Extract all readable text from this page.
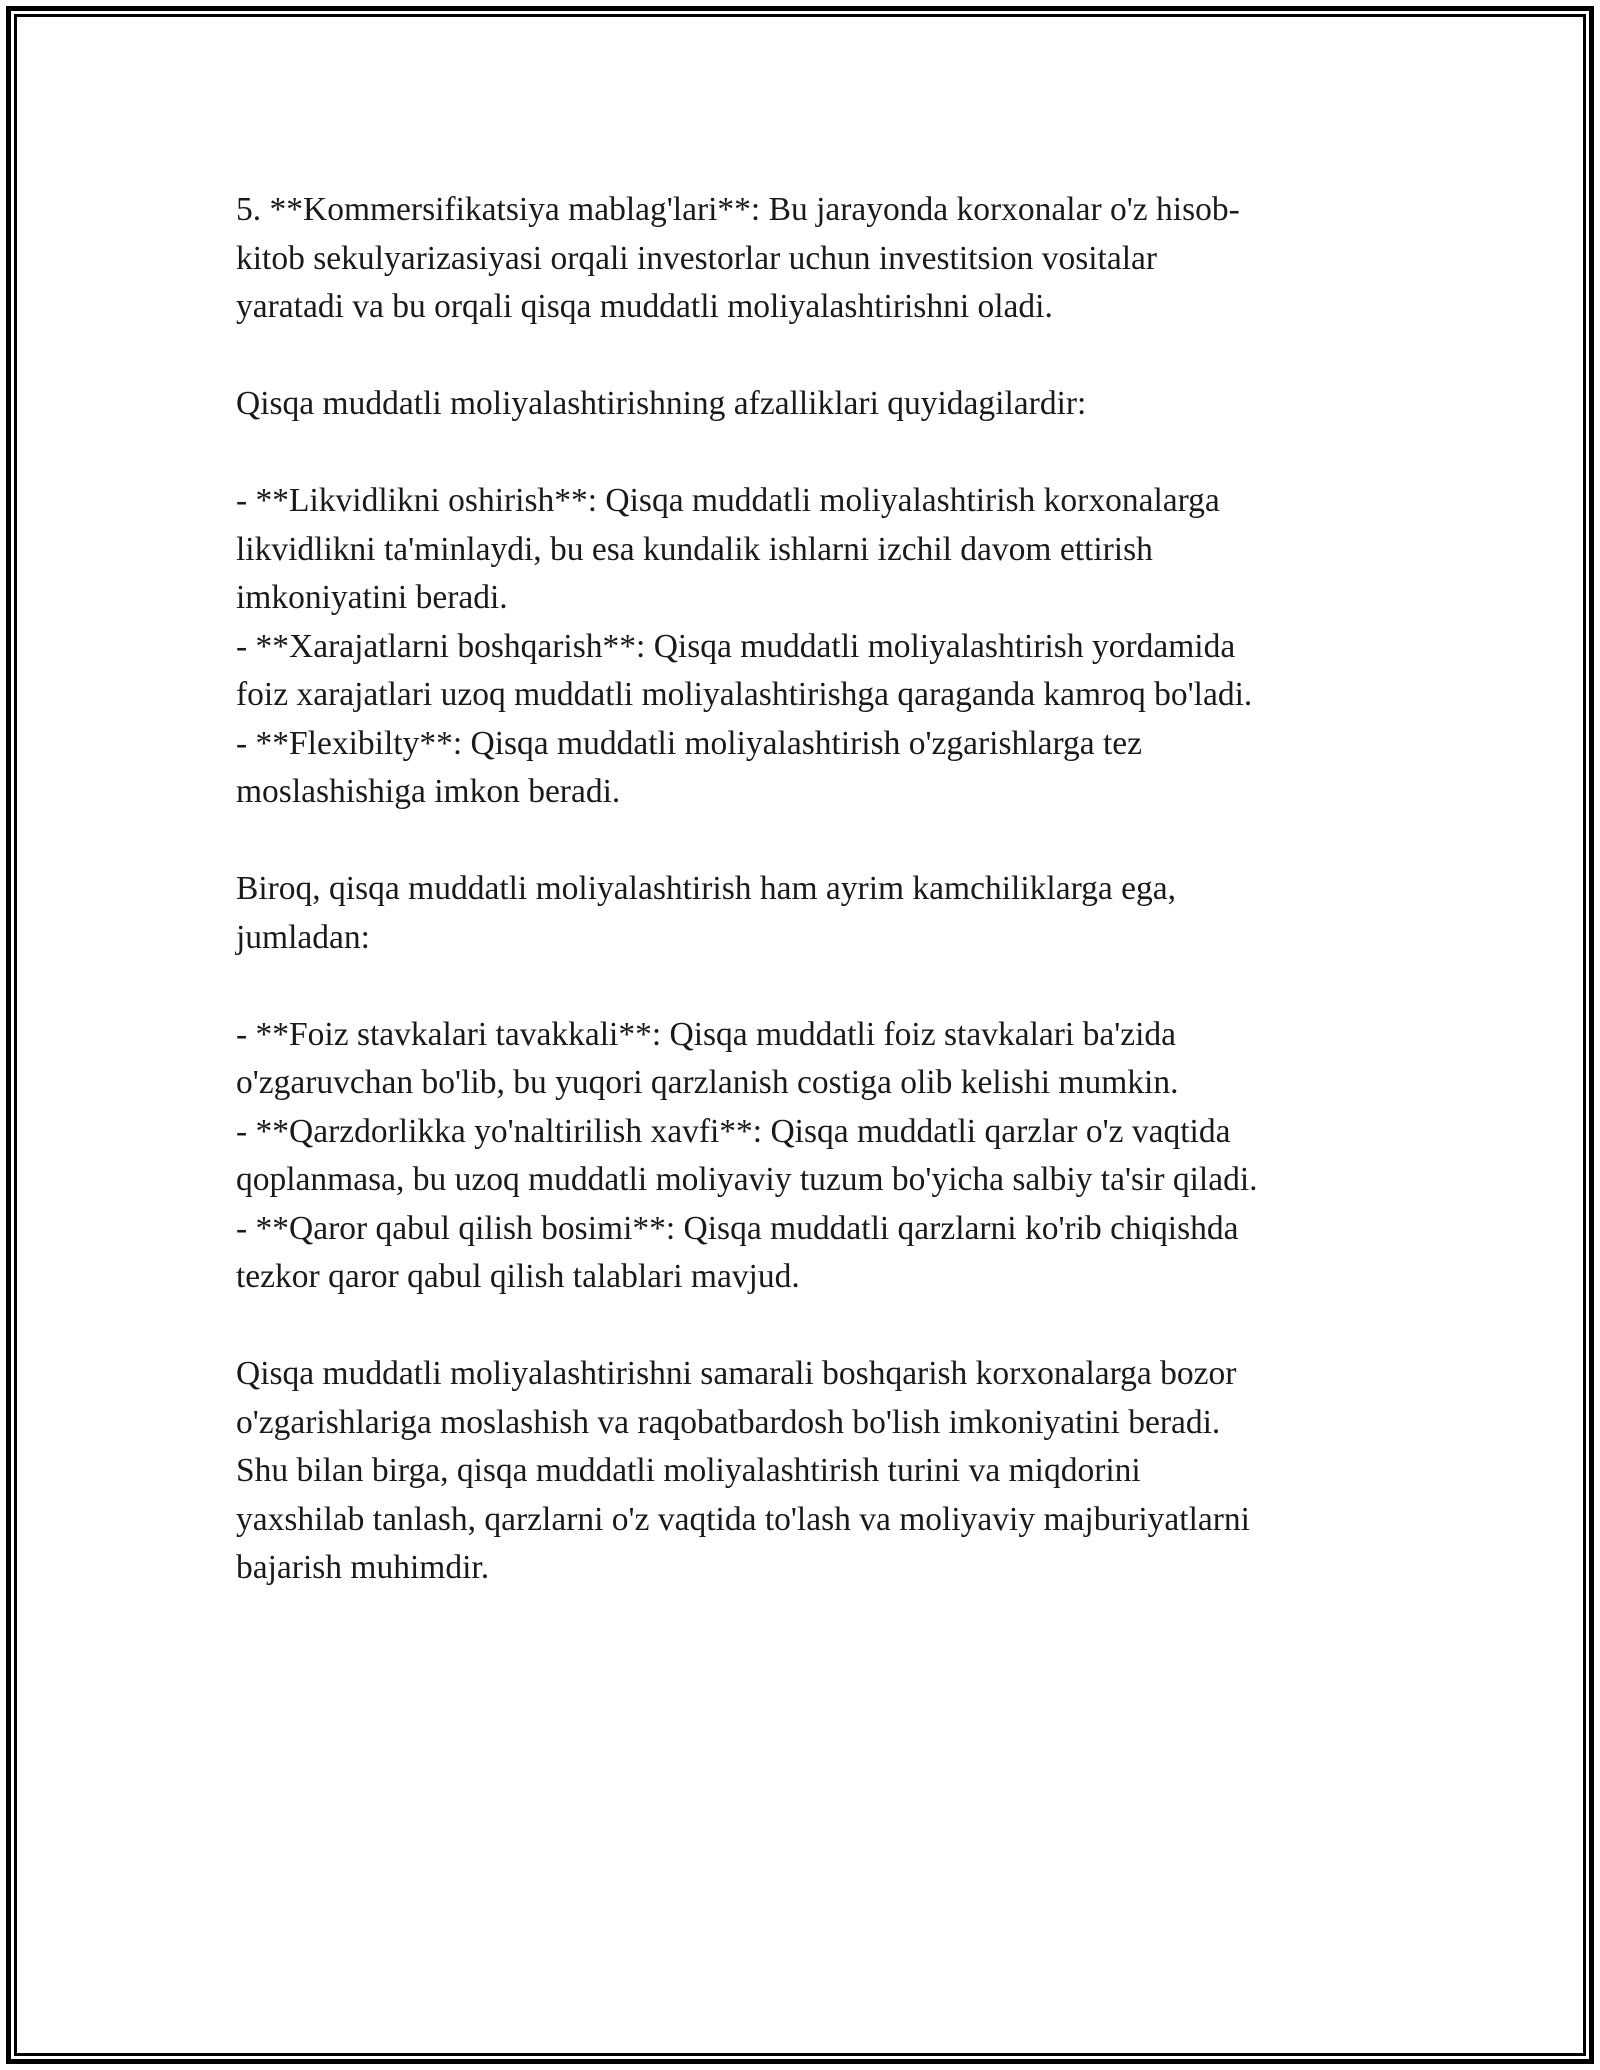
5. **Kommersifikatsiya mablag'lari**: Bu jarayonda korxonalar o'z hisob-
kitob sekulyarizasiyasi orqali investorlar uchun investitsion vositalar
yaratadi va bu orqali qisqa muddatli moliyalashtirishni oladi.
Qisqa muddatli moliyalashtirishning afzalliklari quyidagilardir:
- **Likvidlikni oshirish**: Qisqa muddatli moliyalashtirish korxonalarga
likvidlikni ta'minlaydi, bu esa kundalik ishlarni izchil davom ettirish
imkoniyatini beradi.
- **Xarajatlarni boshqarish**: Qisqa muddatli moliyalashtirish yordamida
foiz xarajatlari uzoq muddatli moliyalashtirishga qaraganda kamroq bo'ladi.
- **Flexibilty**: Qisqa muddatli moliyalashtirish o'zgarishlarga tez
moslashishiga imkon beradi.
Biroq, qisqa muddatli moliyalashtirish ham ayrim kamchiliklarga ega,
jumladan:
- **Foiz stavkalari tavakkali**: Qisqa muddatli foiz stavkalari ba'zida
o'zgaruvchan bo'lib, bu yuqori qarzlanish costiga olib kelishi mumkin.
- **Qarzdorlikka yo'naltirilish xavfi**: Qisqa muddatli qarzlar o'z vaqtida
qoplanmasa, bu uzoq muddatli moliyaviy tuzum bo'yicha salbiy ta'sir qiladi.
- **Qaror qabul qilish bosimi**: Qisqa muddatli qarzlarni ko'rib chiqishda
tezkor qaror qabul qilish talablari mavjud.
Qisqa muddatli moliyalashtirishni samarali boshqarish korxonalarga bozor
o'zgarishlariga moslashish va raqobatbardosh bo'lish imkoniyatini beradi.
Shu bilan birga, qisqa muddatli moliyalashtirish turini va miqdorini
yaxshilab tanlash, qarzlarni o'z vaqtida to'lash va moliyaviy majburiyatlarni
bajarish muhimdir.
